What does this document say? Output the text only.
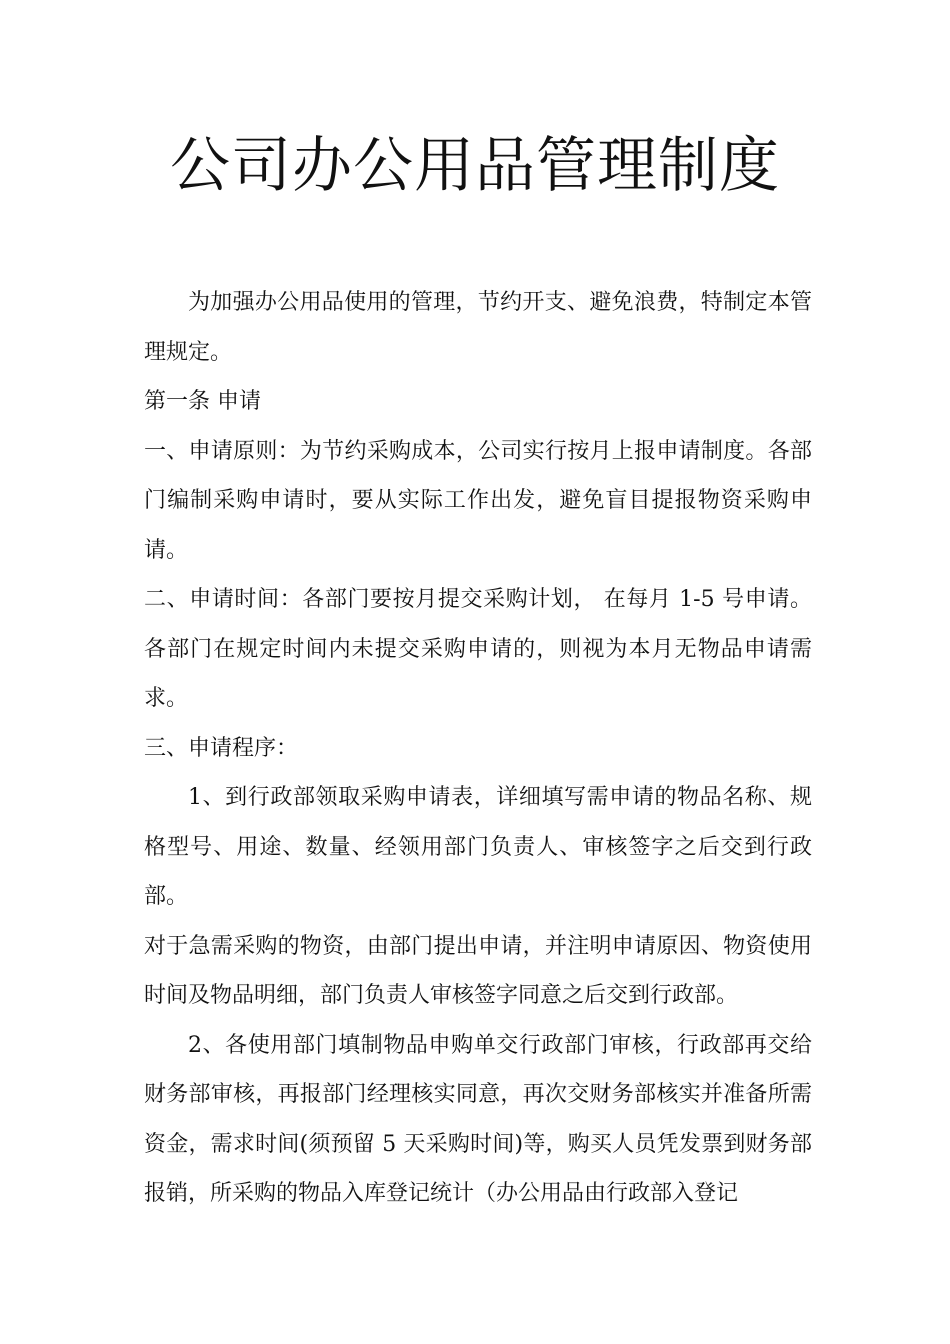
公司办公用品管理制度

为加强办公用品使用的管理，节约开支、避免浪费，特制定本管理规定。

第一条 申请

一、申请原则：为节约采购成本，公司实行按月上报申请制度。各部门编制采购申请时，要从实际工作出发，避免盲目提报物资采购申请。

二、申请时间：各部门要按月提交采购计划， 在每月 1-5 号申请。各部门在规定时间内未提交采购申请的，则视为本月无物品申请需求。

三、申请程序：

1、到行政部领取采购申请表，详细填写需申请的物品名称、规格型号、用途、数量、经领用部门负责人、审核签字之后交到行政部。

对于急需采购的物资，由部门提出申请，并注明申请原因、物资使用时间及物品明细，部门负责人审核签字同意之后交到行政部。

2、各使用部门填制物品申购单交行政部门审核，行政部再交给财务部审核，再报部门经理核实同意，再次交财务部核实并准备所需资金，需求时间(须预留 5 天采购时间)等，购买人员凭发票到财务部报销，所采购的物品入库登记统计（办公用品由行政部入登记
